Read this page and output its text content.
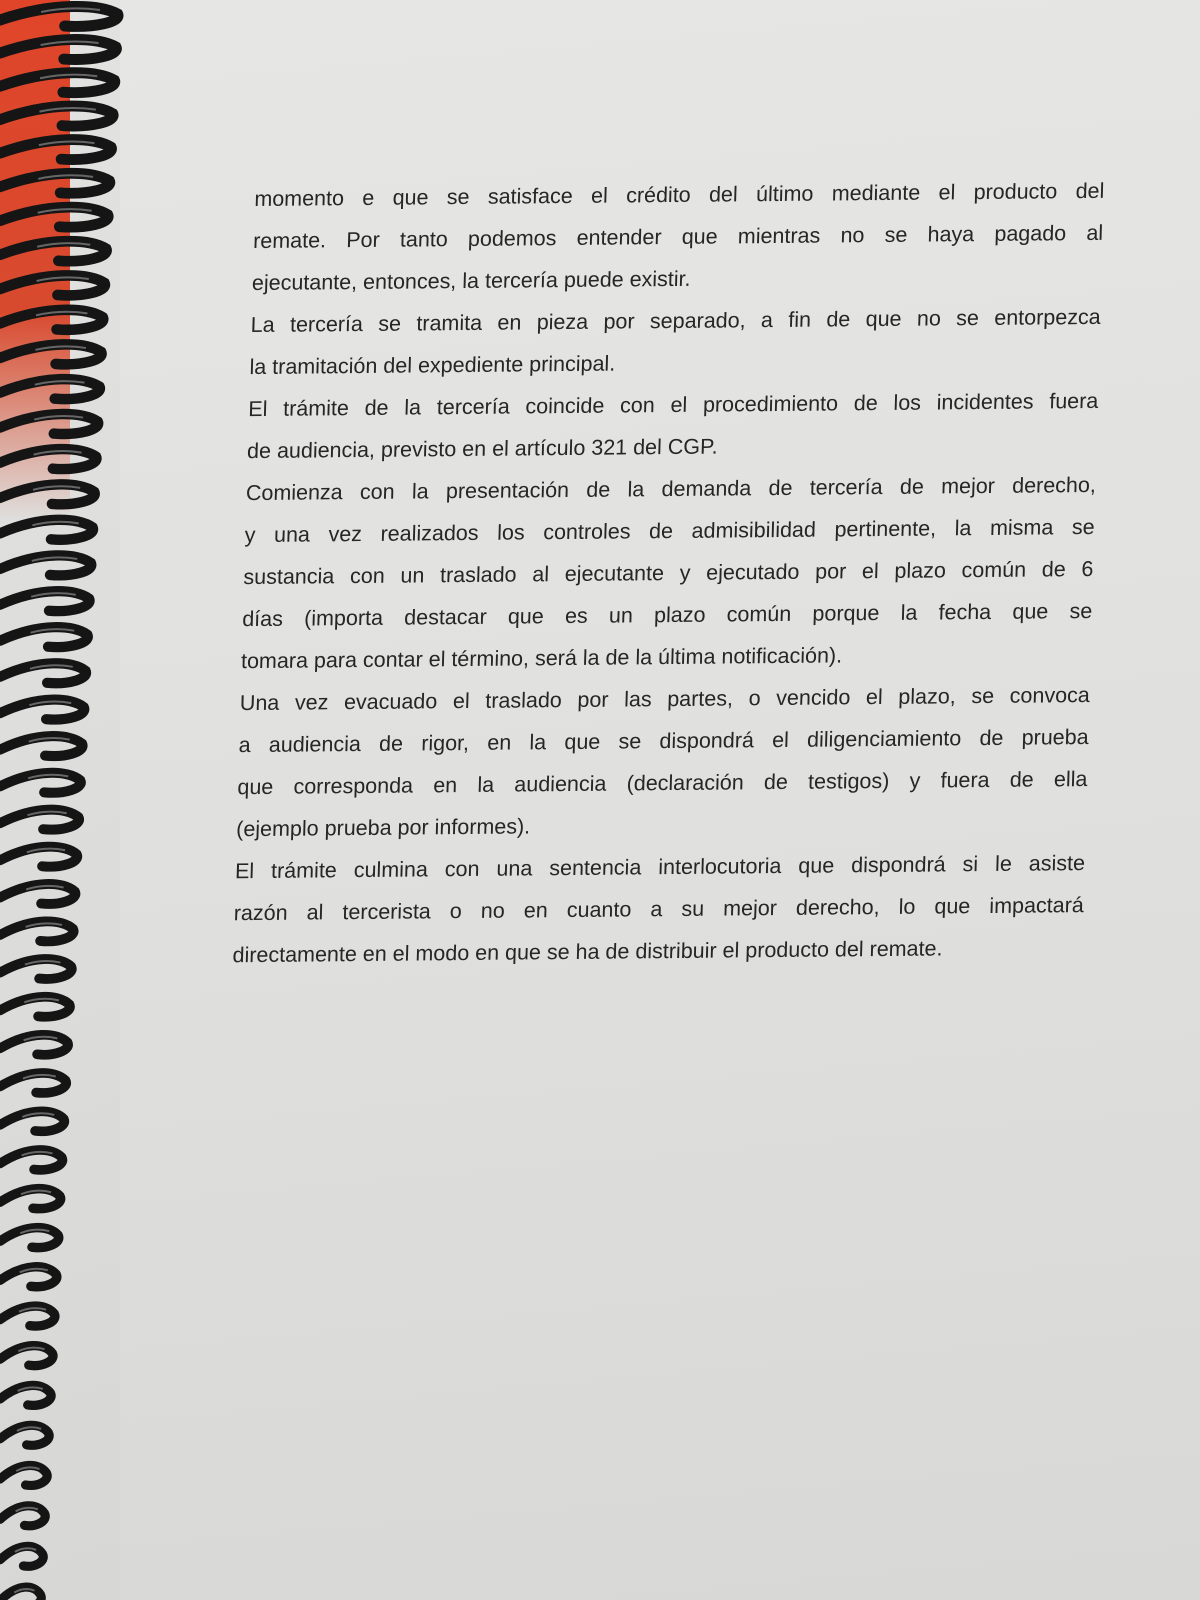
momento e que se satisface el crédito del último mediante el producto del
remate. Por tanto podemos entender que mientras no se haya pagado al
ejecutante, entonces, la tercería puede existir.
La tercería se tramita en pieza por separado, a fin de que no se entorpezca
la tramitación del expediente principal.
El trámite de la tercería coincide con el procedimiento de los incidentes fuera
de audiencia, previsto en el artículo 321 del CGP.
Comienza con la presentación de la demanda de tercería de mejor derecho,
y una vez realizados los controles de admisibilidad pertinente, la misma se
sustancia con un traslado al ejecutante y ejecutado por el plazo común de 6
días (importa destacar que es un plazo común porque la fecha que se
tomara para contar el término, será la de la última notificación).
Una vez evacuado el traslado por las partes, o vencido el plazo, se convoca
a audiencia de rigor, en la que se dispondrá el diligenciamiento de prueba
que corresponda en la audiencia (declaración de testigos) y fuera de ella
(ejemplo prueba por informes).
El trámite culmina con una sentencia interlocutoria que dispondrá si le asiste
razón al tercerista o no en cuanto a su mejor derecho, lo que impactará
directamente en el modo en que se ha de distribuir el producto del remate.
